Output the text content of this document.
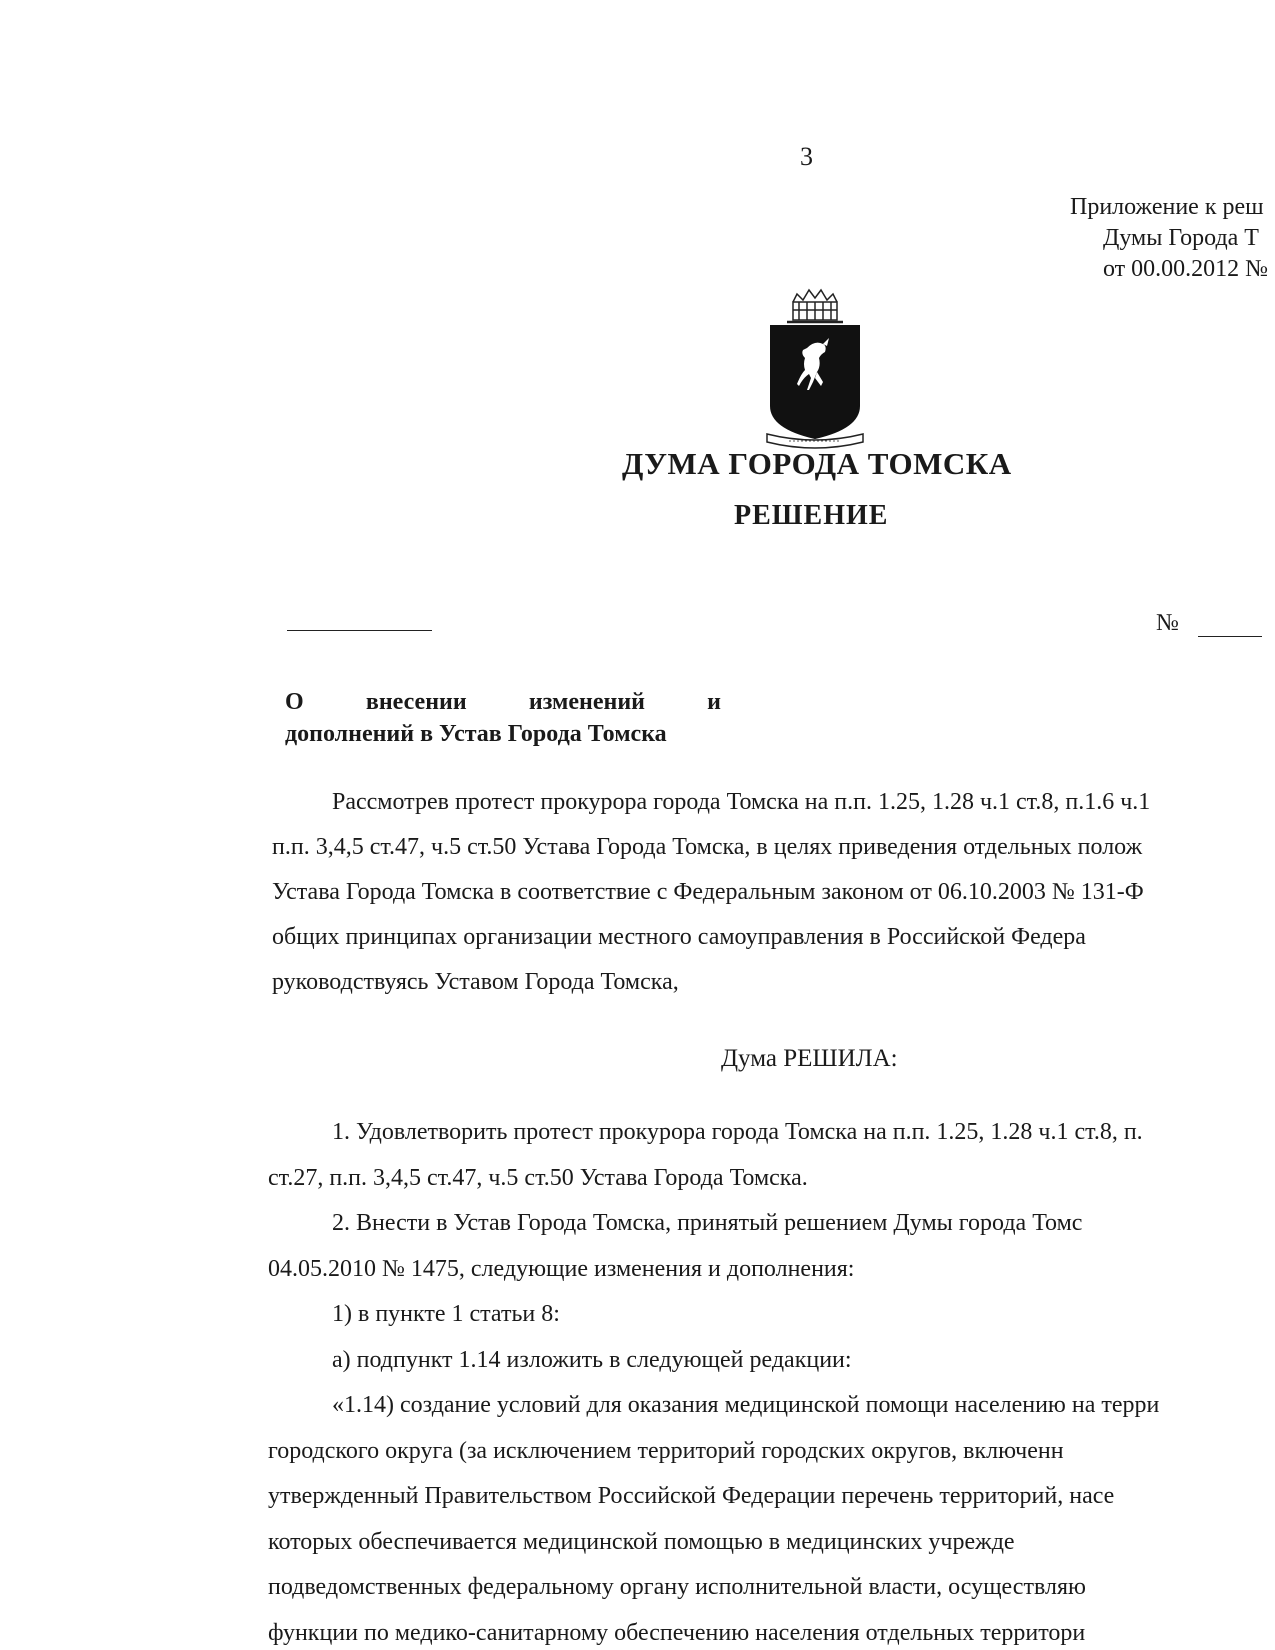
3
Приложение к реш
Думы Города Т
от 00.00.2012 №
ДУМА ГОРОДА ТОМСКА
РЕШЕНИЕ
№
О	внесении	изменений	и
дополнений в Устав Города Томска
Рассмотрев протест прокурора города Томска на п.п. 1.25, 1.28 ч.1 ст.8, п.1.6 ч.1
п.п. 3,4,5 ст.47, ч.5 ст.50 Устава Города Томска, в целях приведения отдельных полож
Устава Города Томска в соответствие с Федеральным законом от 06.10.2003 № 131-Ф
общих принципах организации местного самоуправления в Российской Федера
руководствуясь Уставом Города Томска,
Дума РЕШИЛА:
1. Удовлетворить протест прокурора города Томска на п.п. 1.25, 1.28 ч.1 ст.8, п.
ст.27, п.п. 3,4,5 ст.47, ч.5 ст.50 Устава Города Томска.
2. Внести в Устав Города Томска, принятый решением Думы города Томс
04.05.2010 № 1475, следующие изменения и дополнения:
1) в пункте 1 статьи 8:
а) подпункт 1.14 изложить в следующей редакции:
«1.14) создание условий для оказания медицинской помощи населению на терри
городского округа (за исключением территорий городских округов, включенн
утвержденный Правительством Российской Федерации перечень территорий, насе
которых обеспечивается медицинской помощью в медицинских учрежде
подведомственных федеральному органу исполнительной власти, осуществляю
функции по медико-санитарному обеспечению населения отдельных территори
